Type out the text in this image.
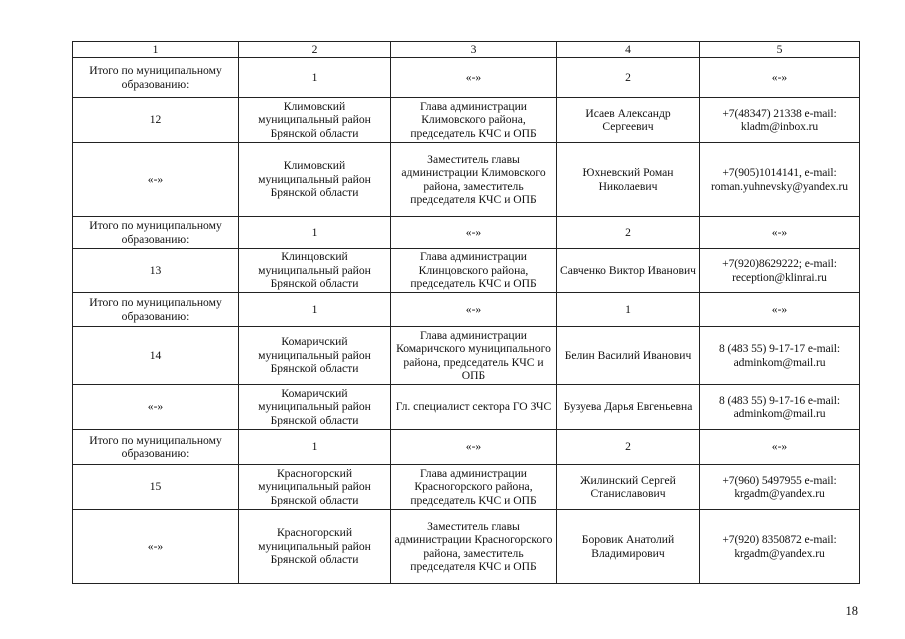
1	2	3	4	5
Итого по муниципальному образованию:	1	«-»	2	«-»
12	Климовский муниципальный район Брянской области	Глава администрации Климовского района, председатель КЧС и ОПБ	Исаев Александр Сергеевич	+7(48347) 21338 e-mail: kladm@inbox.ru
«-»	Климовский муниципальный район Брянской области	Заместитель главы администрации Климовского района, заместитель председателя КЧС и ОПБ	Юхневский Роман Николаевич	+7(905)1014141, e-mail: roman.yuhnevsky@yandex.ru
Итого по муниципальному образованию:	1	«-»	2	«-»
13	Клинцовский муниципальный район Брянской области	Глава администрации Клинцовского района, председатель КЧС и ОПБ	Савченко Виктор Иванович	+7(920)8629222; e-mail: reception@klinrai.ru
Итого по муниципальному образованию:	1	«-»	1	«-»
14	Комаричский муниципальный район Брянской области	Глава администрации Комаричского муниципального района, председатель КЧС и ОПБ	Белин Василий Иванович	8 (483 55) 9-17-17 e-mail: adminkom@mail.ru
«-»	Комаричский муниципальный район Брянской области	Гл. специалист сектора ГО ЗЧС	Бузуева Дарья Евгеньевна	8 (483 55) 9-17-16 e-mail: adminkom@mail.ru
Итого по муниципальному образованию:	1	«-»	2	«-»
15	Красногорский муниципальный район Брянской области	Глава администрации Красногорского района, председатель КЧС и ОПБ	Жилинский Сергей Станиславович	+7(960) 5497955 e-mail: krgadm@yandex.ru
«-»	Красногорский муниципальный район Брянской области	Заместитель главы администрации Красногорского района, заместитель председателя КЧС и ОПБ	Боровик Анатолий Владимирович	+7(920) 8350872 e-mail: krgadm@yandex.ru
18
